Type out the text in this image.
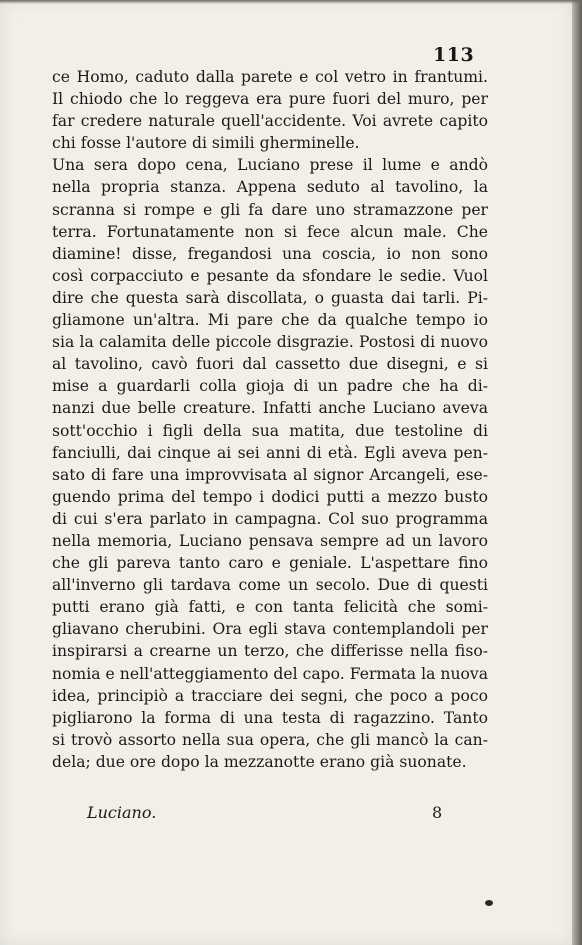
113
ce Homo, caduto dalla parete e col vetro in frantumi.
Il chiodo che lo reggeva era pure fuori del muro, per
far credere naturale quell'accidente. Voi avrete capito
chi fosse l'autore di simili gherminelle.
Una sera dopo cena, Luciano prese il lume e andò
nella propria stanza. Appena seduto al tavolino, la
scranna si rompe e gli fa dare uno stramazzone per
terra. Fortunatamente non si fece alcun male. Che
diamine! disse, fregandosi una coscia, io non sono
così corpacciuto e pesante da sfondare le sedie. Vuol
dire che questa sarà discollata, o guasta dai tarli. Pi-
gliamone un'altra. Mi pare che da qualche tempo io
sia la calamita delle piccole disgrazie. Postosi di nuovo
al tavolino, cavò fuori dal cassetto due disegni, e si
mise a guardarli colla gioja di un padre che ha di-
nanzi due belle creature. Infatti anche Luciano aveva
sott'occhio i figli della sua matita, due testoline di
fanciulli, dai cinque ai sei anni di età. Egli aveva pen-
sato di fare una improvvisata al signor Arcangeli, ese-
guendo prima del tempo i dodici putti a mezzo busto
di cui s'era parlato in campagna. Col suo programma
nella memoria, Luciano pensava sempre ad un lavoro
che gli pareva tanto caro e geniale. L'aspettare fino
all'inverno gli tardava come un secolo. Due di questi
putti erano già fatti, e con tanta felicità che somi-
gliavano cherubini. Ora egli stava contemplandoli per
inspirarsi a crearne un terzo, che differisse nella fiso-
nomia e nell'atteggiamento del capo. Fermata la nuova
idea, principiò a tracciare dei segni, che poco a poco
pigliarono la forma di una testa di ragazzino. Tanto
si trovò assorto nella sua opera, che gli mancò la can-
dela; due ore dopo la mezzanotte erano già suonate.
Luciano.	8
